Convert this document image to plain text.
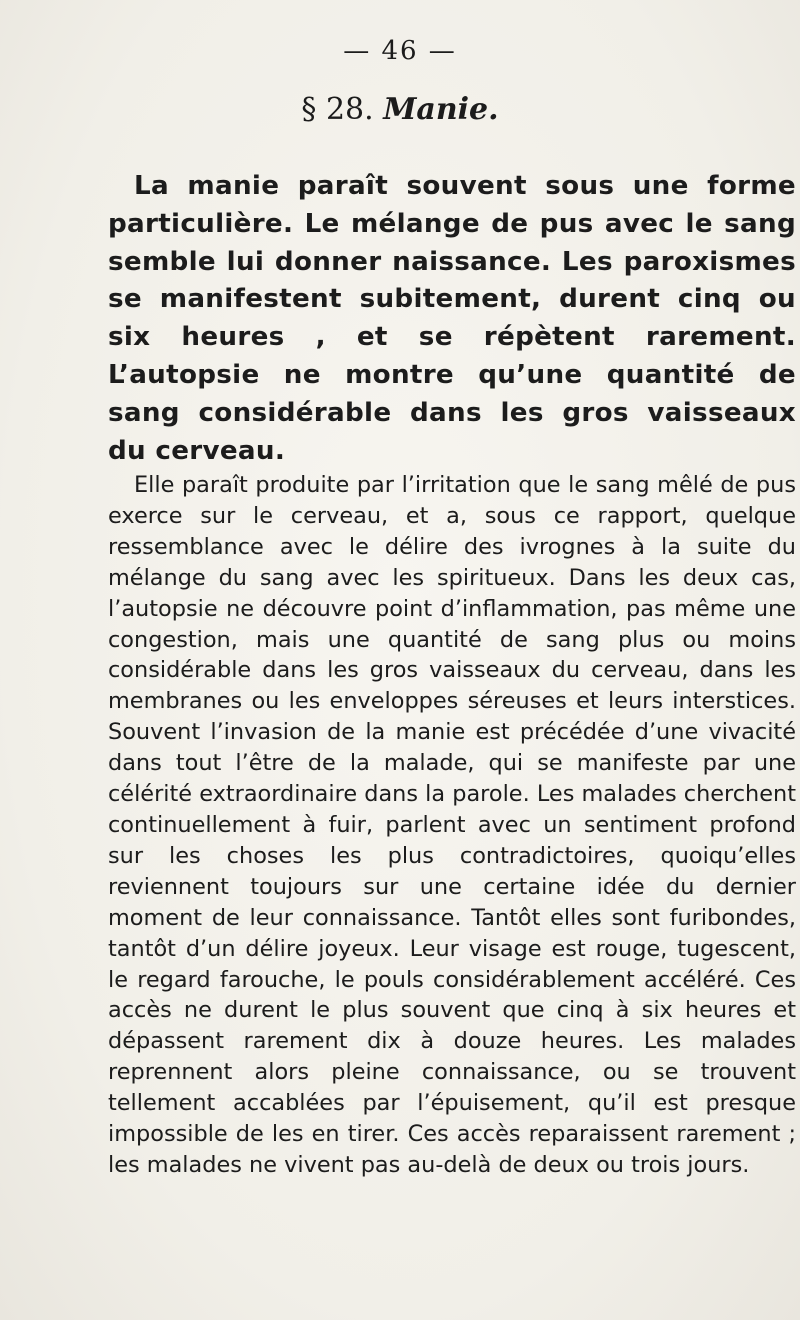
— 46 —
§ 28. Manie.

La manie paraît souvent sous une forme particulière. Le mélange de pus avec le sang semble lui donner naissance. Les paroxismes se manifestent subitement, durent cinq ou six heures , et se répètent rarement. L’autopsie ne montre qu’une quantité de sang considérable dans les gros vaisseaux du cerveau.

Elle paraît produite par l’irritation que le sang mêlé de pus exerce sur le cerveau, et a, sous ce rapport, quelque ressemblance avec le délire des ivrognes à la suite du mélange du sang avec les spiritueux. Dans les deux cas, l’autopsie ne découvre point d’inflammation, pas même une congestion, mais une quantité de sang plus ou moins considérable dans les gros vaisseaux du cerveau, dans les membranes ou les enveloppes séreuses et leurs interstices. Souvent l’invasion de la manie est précédée d’une vivacité dans tout l’être de la malade, qui se manifeste par une célérité extraordinaire dans la parole. Les malades cherchent continuellement à fuir, parlent avec un sentiment profond sur les choses les plus contradictoires, quoiqu’elles reviennent toujours sur une certaine idée du dernier moment de leur connaissance. Tantôt elles sont furibondes, tantôt d’un délire joyeux. Leur visage est rouge, tugescent, le regard farouche, le pouls considérablement accéléré. Ces accès ne durent le plus souvent que cinq à six heures et dépassent rarement dix à douze heures. Les malades reprennent alors pleine connaissance, ou se trouvent tellement accablées par l’épuisement, qu’il est presque impossible de les en tirer. Ces accès reparaissent rarement ; les malades ne vivent pas au-delà de deux ou trois jours.
